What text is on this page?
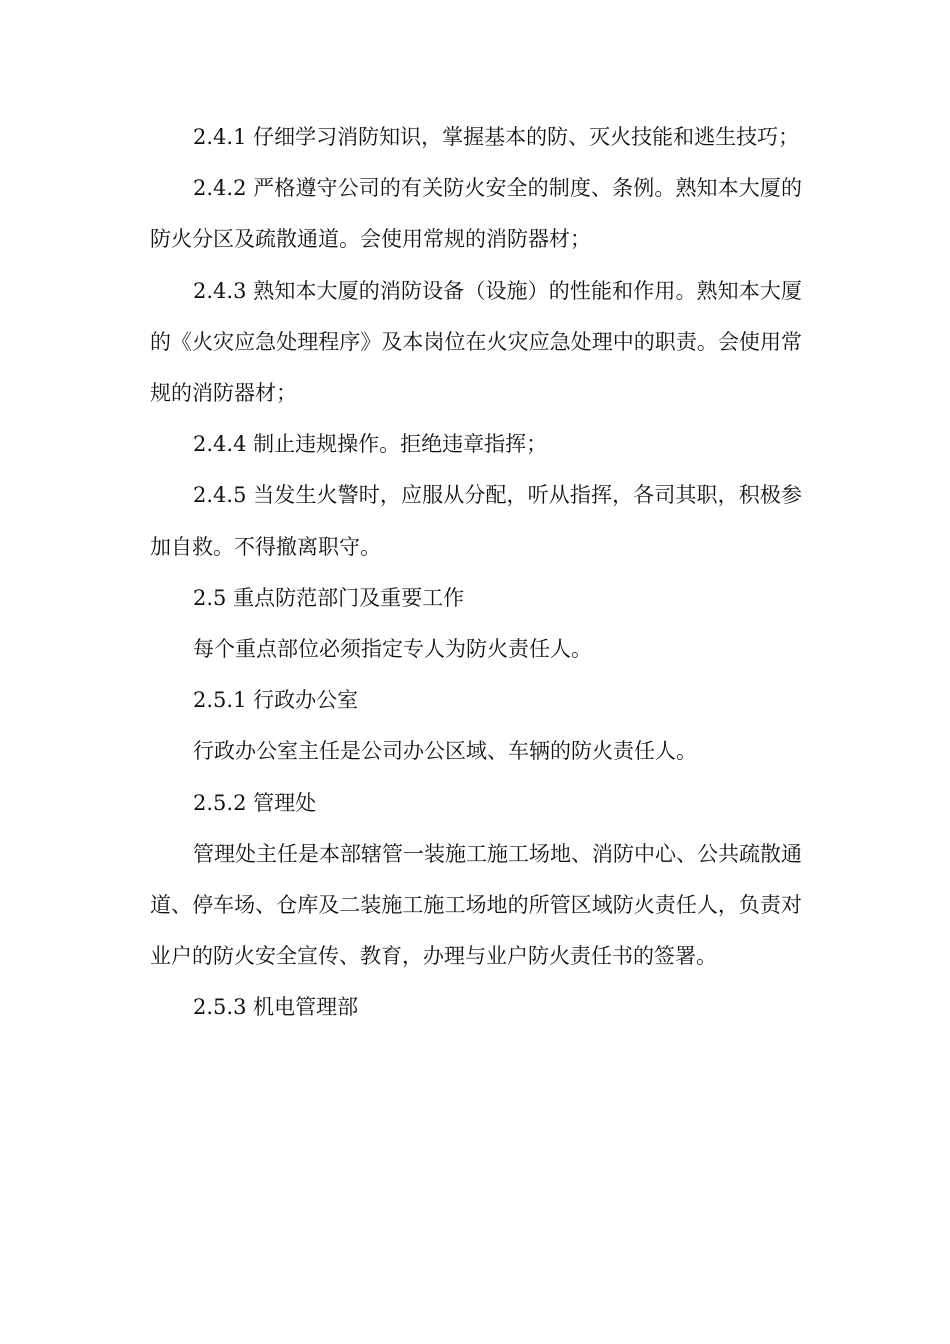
2.4.1 仔细学习消防知识，掌握基本的防、灭火技能和逃生技巧；

2.4.2 严格遵守公司的有关防火安全的制度、条例。熟知本大厦的防火分区及疏散通道。会使用常规的消防器材；

2.4.3 熟知本大厦的消防设备（设施）的性能和作用。熟知本大厦的《火灾应急处理程序》及本岗位在火灾应急处理中的职责。会使用常规的消防器材；

2.4.4 制止违规操作。拒绝违章指挥；

2.4.5 当发生火警时，应服从分配，听从指挥，各司其职，积极参加自救。不得撤离职守。

2.5 重点防范部门及重要工作

每个重点部位必须指定专人为防火责任人。

2.5.1 行政办公室

行政办公室主任是公司办公区域、车辆的防火责任人。

2.5.2 管理处

管理处主任是本部辖管一装施工施工场地、消防中心、公共疏散通道、停车场、仓库及二装施工施工场地的所管区域防火责任人，负责对业户的防火安全宣传、教育，办理与业户防火责任书的签署。

2.5.3 机电管理部
